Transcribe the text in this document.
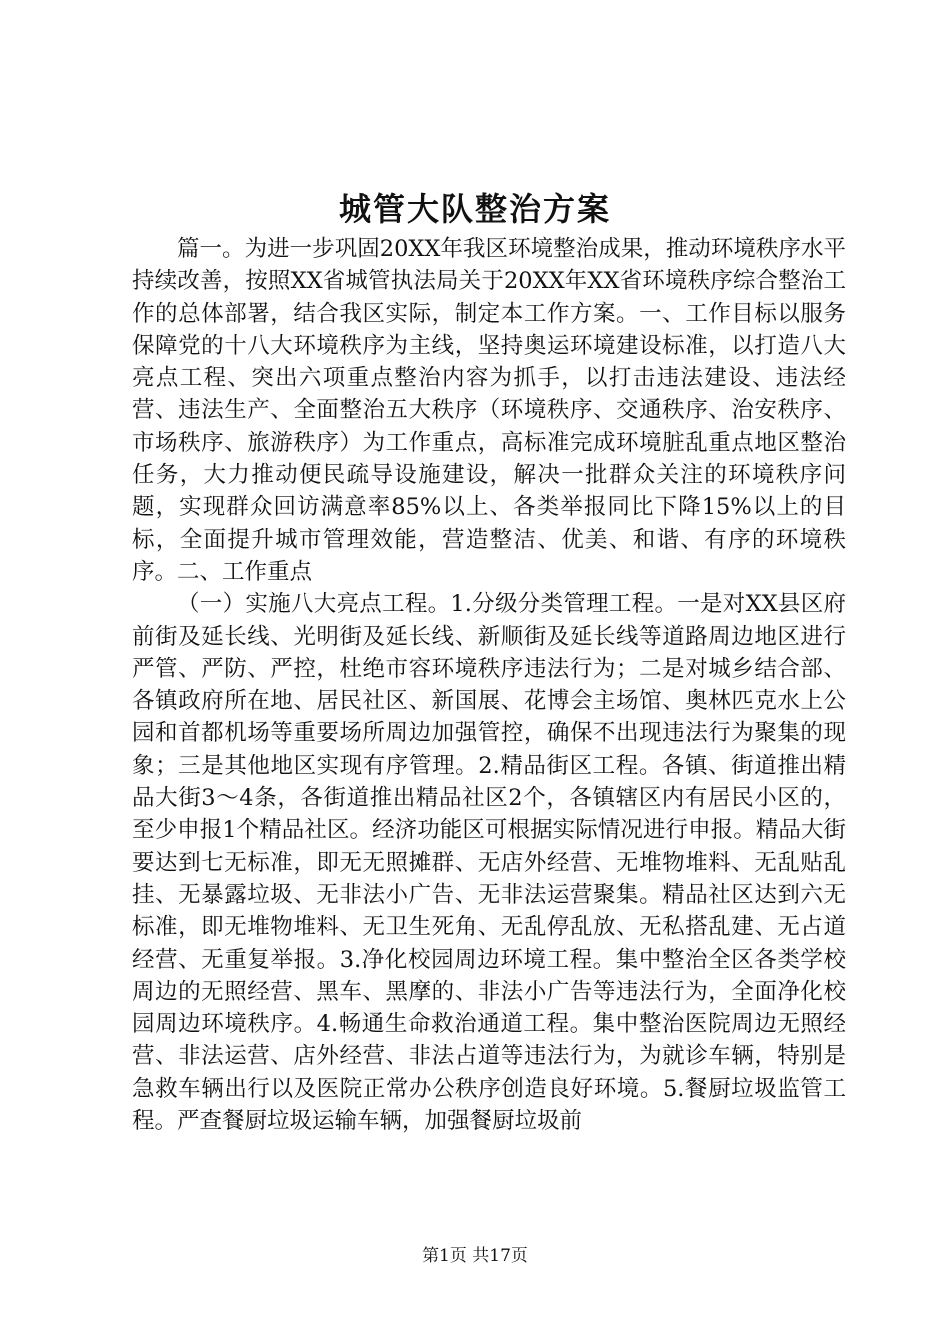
城管大队整治方案

篇一。为进一步巩固20XX年我区环境整治成果，推动环境秩序水平持续改善，按照XX省城管执法局关于20XX年XX省环境秩序综合整治工作的总体部署，结合我区实际，制定本工作方案。一、工作目标以服务保障党的十八大环境秩序为主线，坚持奥运环境建设标准，以打造八大亮点工程、突出六项重点整治内容为抓手，以打击违法建设、违法经营、违法生产、全面整治五大秩序（环境秩序、交通秩序、治安秩序、市场秩序、旅游秩序）为工作重点，高标准完成环境脏乱重点地区整治任务，大力推动便民疏导设施建设，解决一批群众关注的环境秩序问题，实现群众回访满意率85%以上、各类举报同比下降15%以上的目标，全面提升城市管理效能，营造整洁、优美、和谐、有序的环境秩序。二、工作重点

（一）实施八大亮点工程。1.分级分类管理工程。一是对XX县区府前街及延长线、光明街及延长线、新顺街及延长线等道路周边地区进行严管、严防、严控，杜绝市容环境秩序违法行为；二是对城乡结合部、各镇政府所在地、居民社区、新国展、花博会主场馆、奥林匹克水上公园和首都机场等重要场所周边加强管控，确保不出现违法行为聚集的现象；三是其他地区实现有序管理。2.精品街区工程。各镇、街道推出精品大街3～4条，各街道推出精品社区2个，各镇辖区内有居民小区的，至少申报1个精品社区。经济功能区可根据实际情况进行申报。精品大街要达到七无标准，即无无照摊群、无店外经营、无堆物堆料、无乱贴乱挂、无暴露垃圾、无非法小广告、无非法运营聚集。精品社区达到六无标准，即无堆物堆料、无卫生死角、无乱停乱放、无私搭乱建、无占道经营、无重复举报。3.净化校园周边环境工程。集中整治全区各类学校周边的无照经营、黑车、黑摩的、非法小广告等违法行为，全面净化校园周边环境秩序。4.畅通生命救治通道工程。集中整治医院周边无照经营、非法运营、店外经营、非法占道等违法行为，为就诊车辆，特别是急救车辆出行以及医院正常办公秩序创造良好环境。5.餐厨垃圾监管工程。严查餐厨垃圾运输车辆，加强餐厨垃圾前

第1页 共17页
